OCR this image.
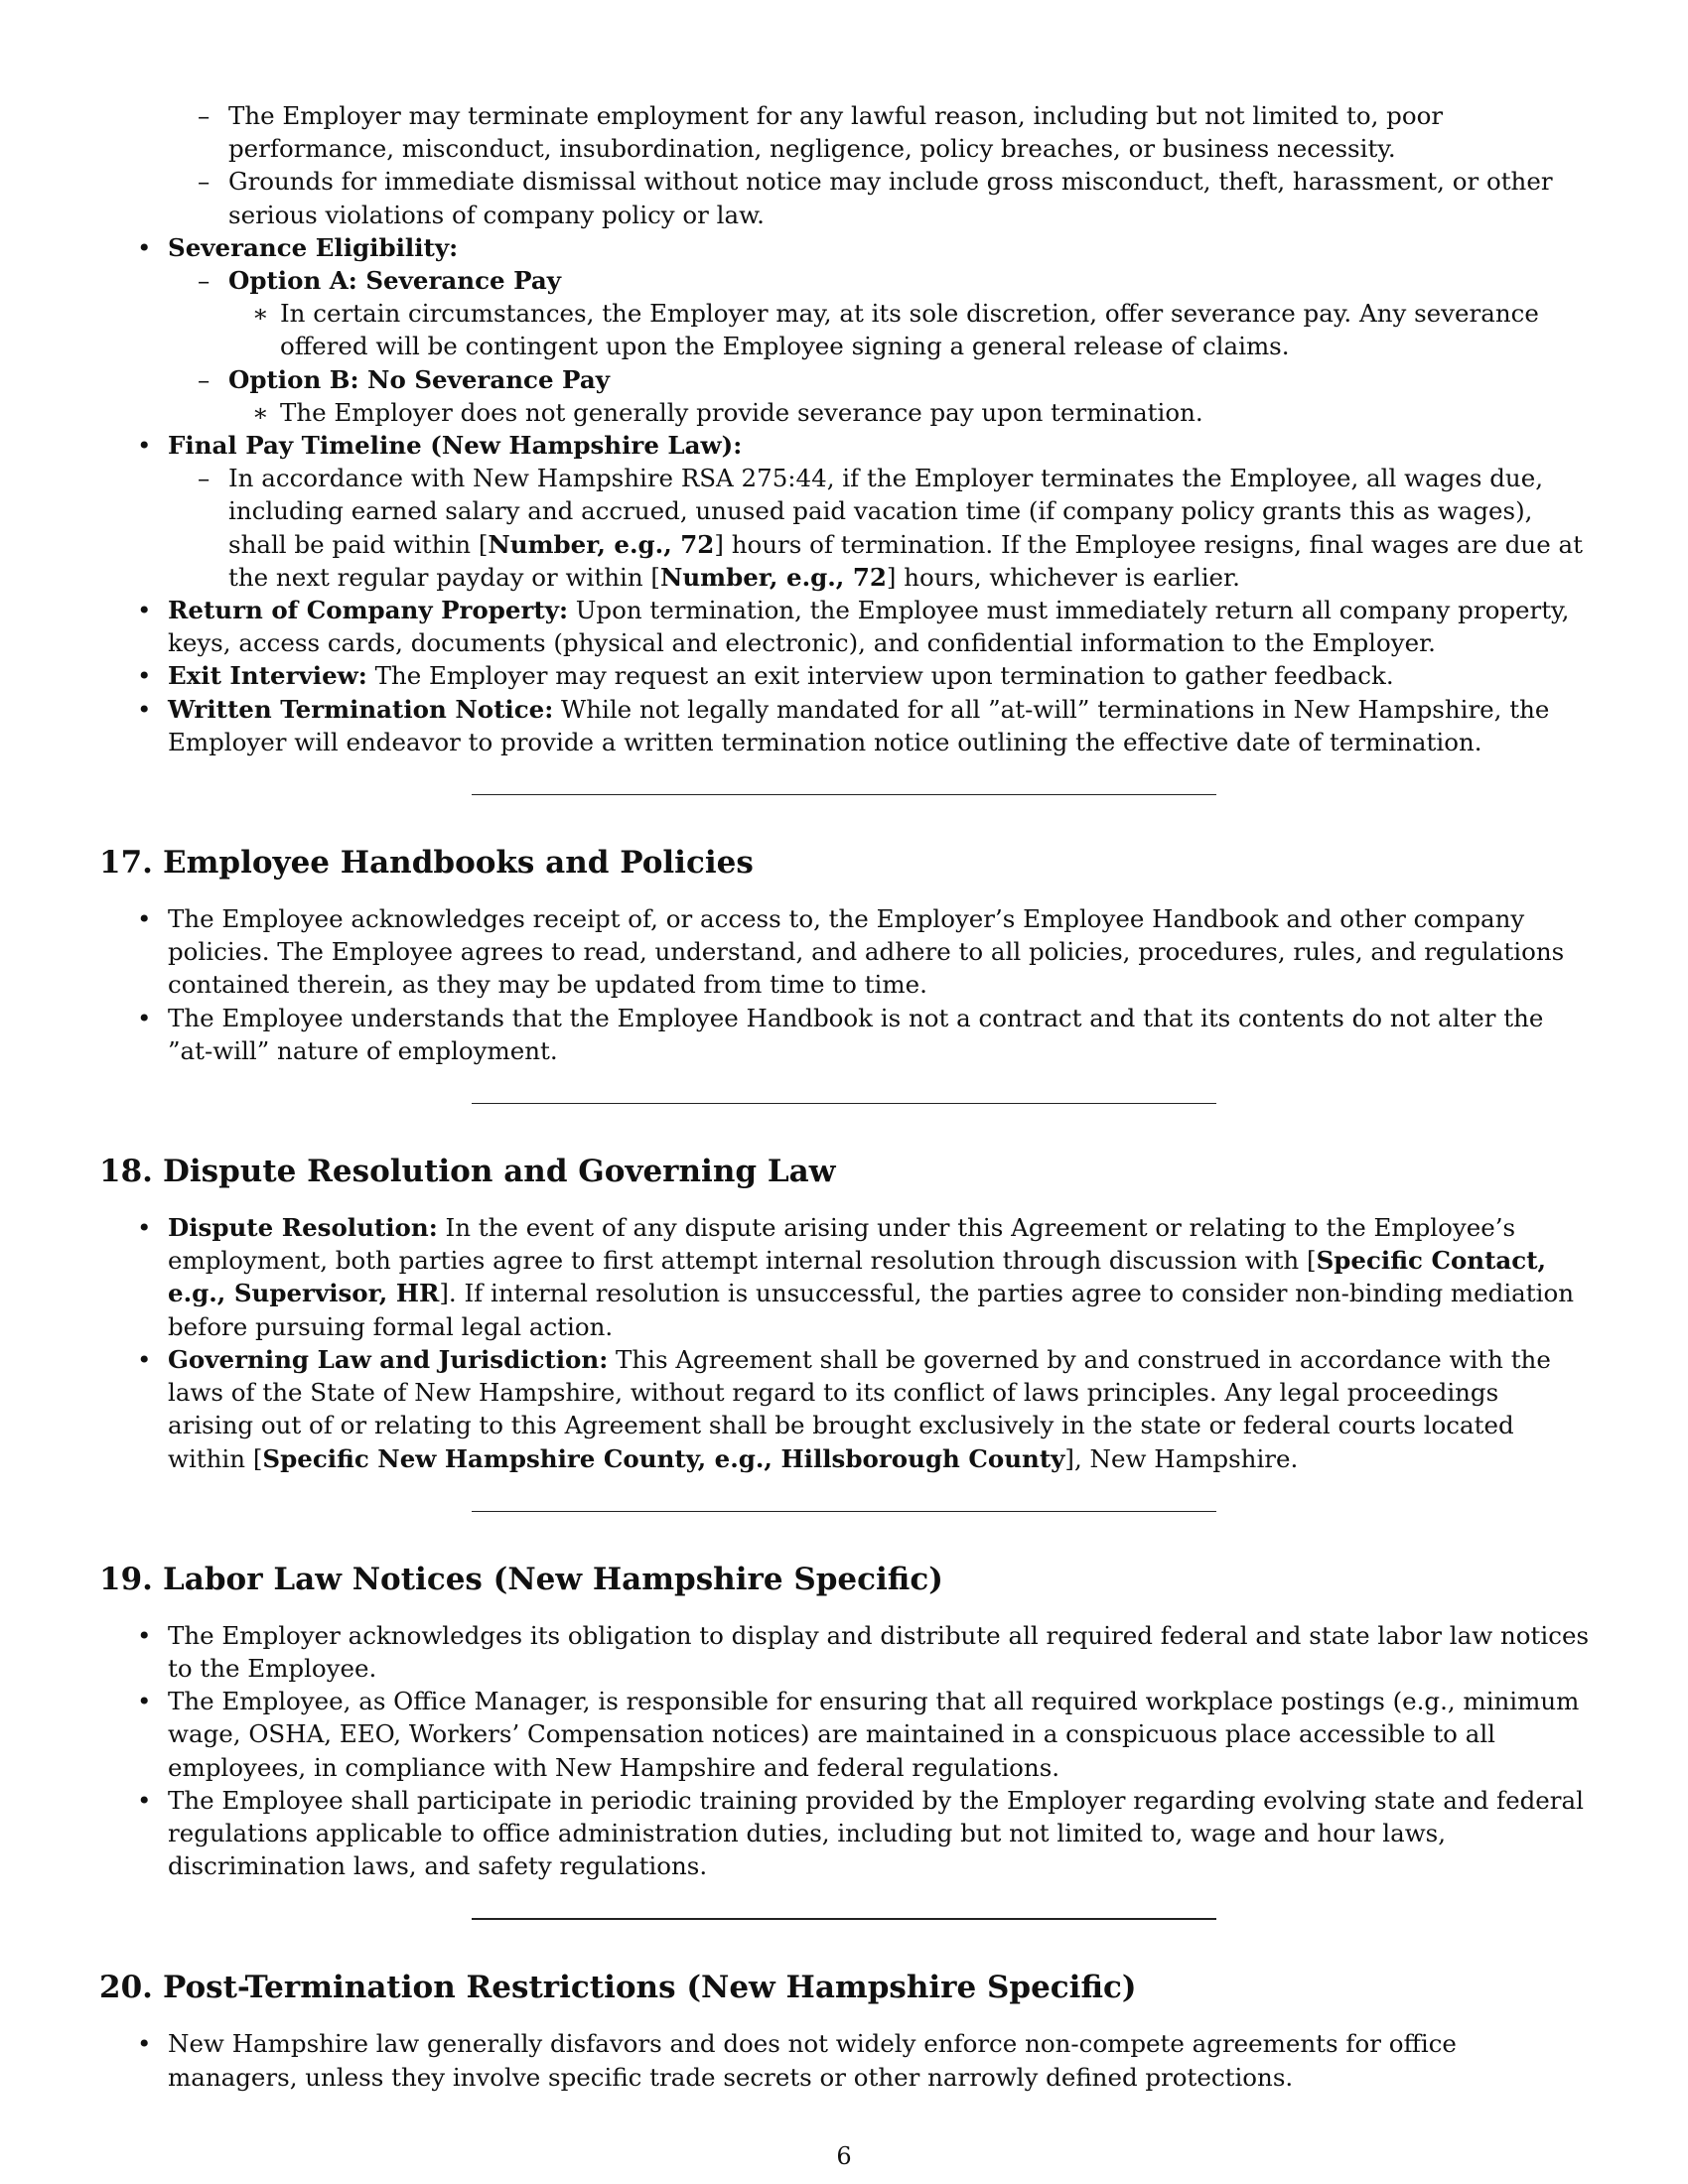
– The Employer may terminate employment for any lawful reason, including but not limited to, poor performance, misconduct, insubordination, negligence, policy breaches, or business necessity.
– Grounds for immediate dismissal without notice may include gross misconduct, theft, harassment, or other serious violations of company policy or law.
• Severance Eligibility:
– Option A: Severance Pay
∗ In certain circumstances, the Employer may, at its sole discretion, offer severance pay. Any severance offered will be contingent upon the Employee signing a general release of claims.
– Option B: No Severance Pay
∗ The Employer does not generally provide severance pay upon termination.
• Final Pay Timeline (New Hampshire Law):
– In accordance with New Hampshire RSA 275:44, if the Employer terminates the Employee, all wages due, including earned salary and accrued, unused paid vacation time (if company policy grants this as wages), shall be paid within [Number, e.g., 72] hours of termination. If the Employee resigns, final wages are due at the next regular payday or within [Number, e.g., 72] hours, whichever is earlier.
• Return of Company Property: Upon termination, the Employee must immediately return all company property, keys, access cards, documents (physical and electronic), and confidential information to the Employer.
• Exit Interview: The Employer may request an exit interview upon termination to gather feedback.
• Written Termination Notice: While not legally mandated for all ”at-will” terminations in New Hampshire, the Employer will endeavor to provide a written termination notice outlining the effective date of termination.
17. Employee Handbooks and Policies
• The Employee acknowledges receipt of, or access to, the Employer’s Employee Handbook and other company policies. The Employee agrees to read, understand, and adhere to all policies, procedures, rules, and regulations contained therein, as they may be updated from time to time.
• The Employee understands that the Employee Handbook is not a contract and that its contents do not alter the ”at-will” nature of employment.
18. Dispute Resolution and Governing Law
• Dispute Resolution: In the event of any dispute arising under this Agreement or relating to the Employee’s employment, both parties agree to first attempt internal resolution through discussion with [Specific Contact, e.g., Supervisor, HR]. If internal resolution is unsuccessful, the parties agree to consider non-binding mediation before pursuing formal legal action.
• Governing Law and Jurisdiction: This Agreement shall be governed by and construed in accordance with the laws of the State of New Hampshire, without regard to its conflict of laws principles. Any legal proceedings arising out of or relating to this Agreement shall be brought exclusively in the state or federal courts located within [Specific New Hampshire County, e.g., Hillsborough County], New Hampshire.
19. Labor Law Notices (New Hampshire Specific)
• The Employer acknowledges its obligation to display and distribute all required federal and state labor law notices to the Employee.
• The Employee, as Office Manager, is responsible for ensuring that all required workplace postings (e.g., minimum wage, OSHA, EEO, Workers’ Compensation notices) are maintained in a conspicuous place accessible to all employees, in compliance with New Hampshire and federal regulations.
• The Employee shall participate in periodic training provided by the Employer regarding evolving state and federal regulations applicable to office administration duties, including but not limited to, wage and hour laws, discrimination laws, and safety regulations.
20. Post-Termination Restrictions (New Hampshire Specific)
• New Hampshire law generally disfavors and does not widely enforce non-compete agreements for office managers, unless they involve specific trade secrets or other narrowly defined protections.
6
